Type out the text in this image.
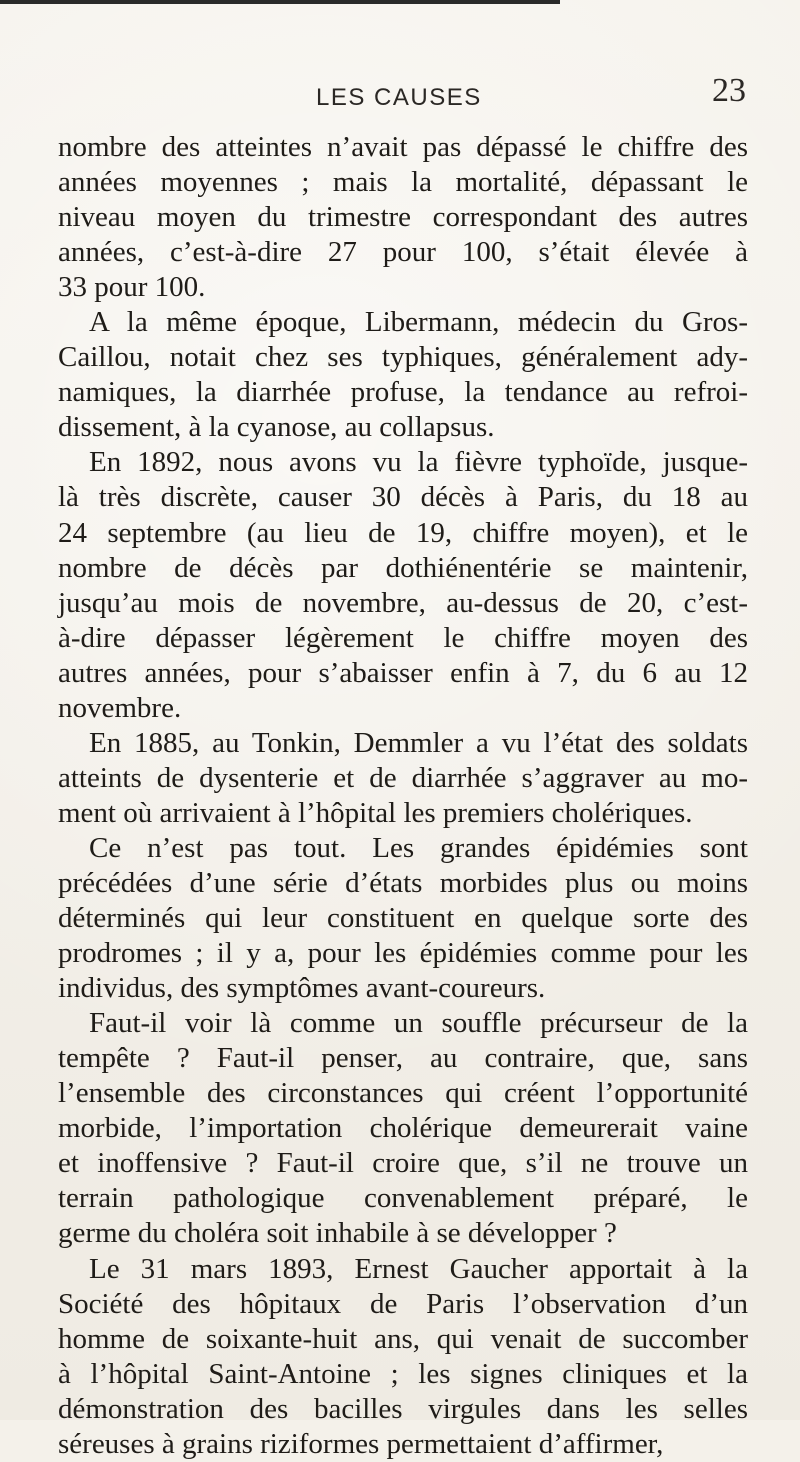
LES CAUSES	23
nombre des atteintes n’avait pas dépassé le chiffre des
années moyennes ; mais la mortalité, dépassant le
niveau moyen du trimestre correspondant des autres
années, c’est-à-dire 27 pour 100, s’était élevée à
33 pour 100.
A la même époque, Libermann, médecin du Gros-
Caillou, notait chez ses typhiques, généralement ady-
namiques, la diarrhée profuse, la tendance au refroi-
dissement, à la cyanose, au collapsus.
En 1892, nous avons vu la fièvre typhoïde, jusque-
là très discrète, causer 30 décès à Paris, du 18 au
24 septembre (au lieu de 19, chiffre moyen), et le
nombre de décès par dothiénentérie se maintenir,
jusqu’au mois de novembre, au-dessus de 20, c’est-
à-dire dépasser légèrement le chiffre moyen des
autres années, pour s’abaisser enfin à 7, du 6 au 12
novembre.
En 1885, au Tonkin, Demmler a vu l’état des soldats
atteints de dysenterie et de diarrhée s’aggraver au mo-
ment où arrivaient à l’hôpital les premiers cholériques.
Ce n’est pas tout. Les grandes épidémies sont
précédées d’une série d’états morbides plus ou moins
déterminés qui leur constituent en quelque sorte des
prodromes ; il y a, pour les épidémies comme pour les
individus, des symptômes avant-coureurs.
Faut-il voir là comme un souffle précurseur de la
tempête ? Faut-il penser, au contraire, que, sans
l’ensemble des circonstances qui créent l’opportunité
morbide, l’importation cholérique demeurerait vaine
et inoffensive ? Faut-il croire que, s’il ne trouve un
terrain pathologique convenablement préparé, le
germe du choléra soit inhabile à se développer ?
Le 31 mars 1893, Ernest Gaucher apportait à la
Société des hôpitaux de Paris l’observation d’un
homme de soixante-huit ans, qui venait de succomber
à l’hôpital Saint-Antoine ; les signes cliniques et la
démonstration des bacilles virgules dans les selles
séreuses à grains riziformes permettaient d’affirmer,
